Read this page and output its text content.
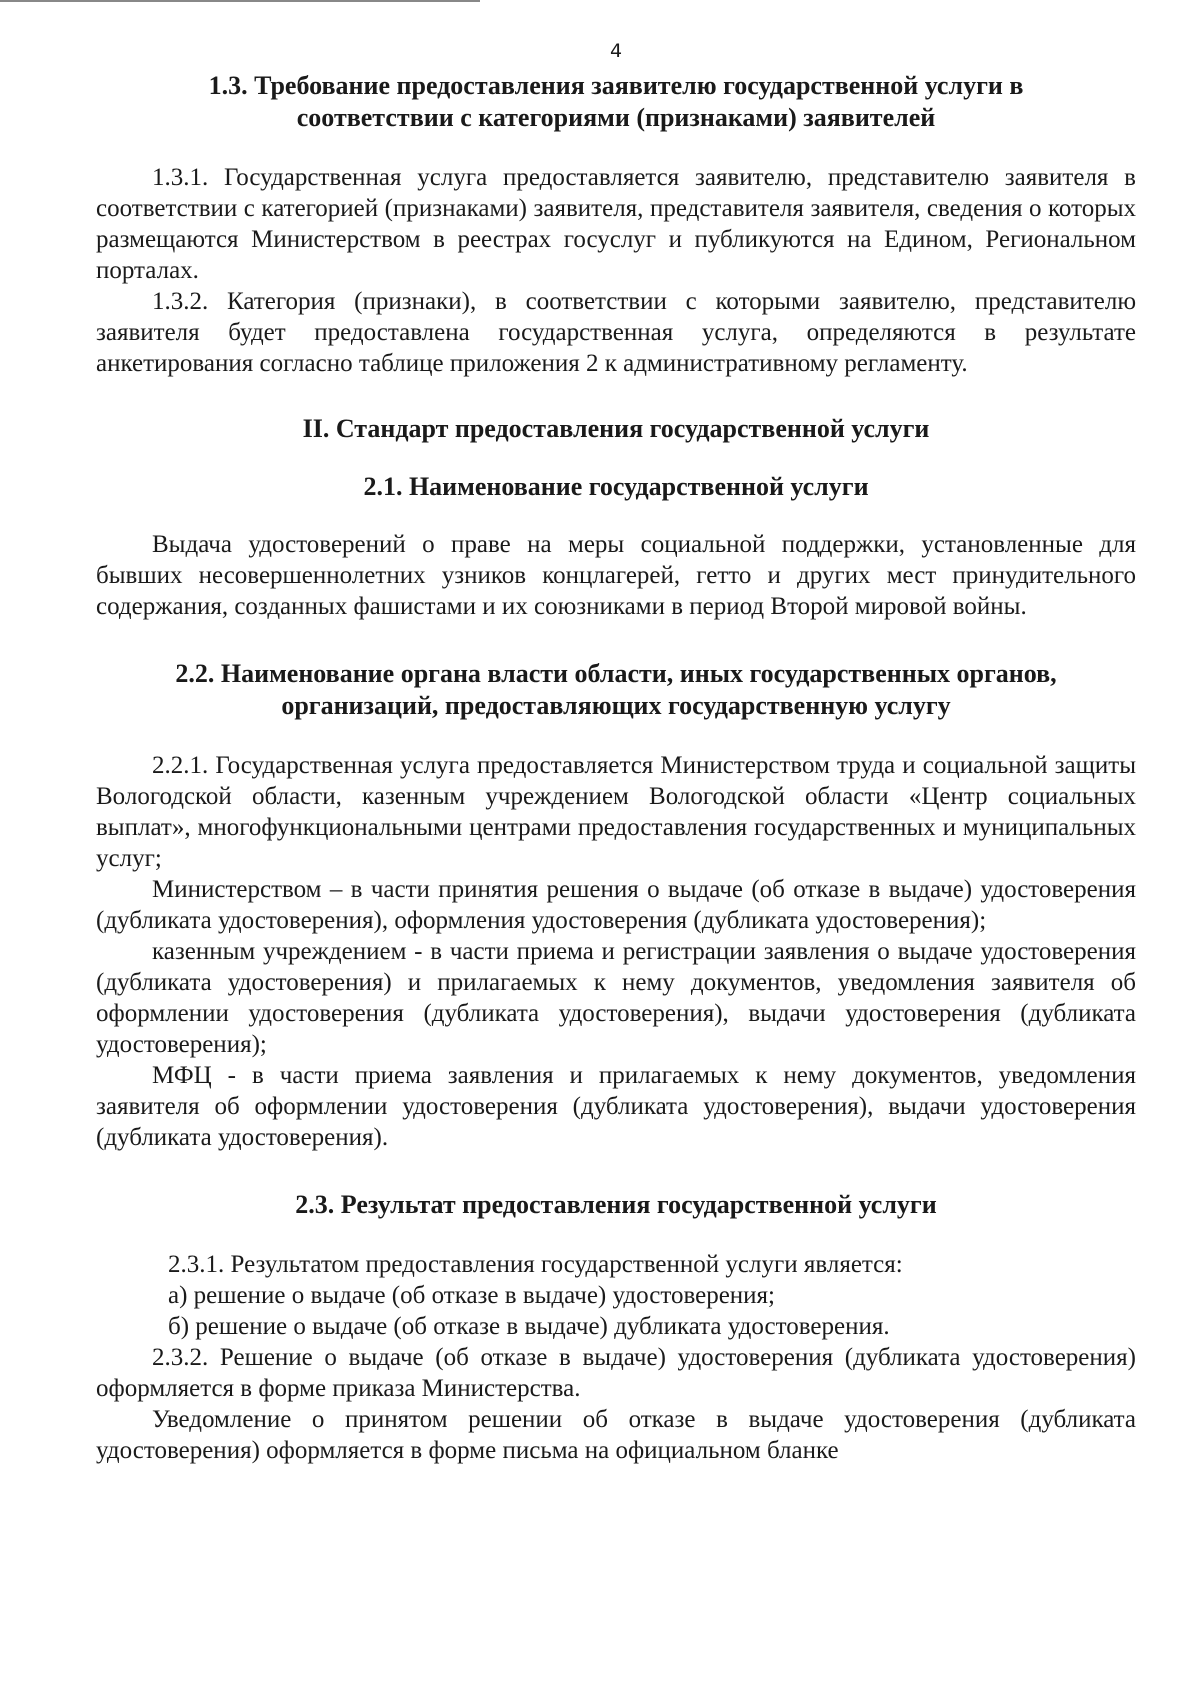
4
1.3. Требование предоставления заявителю государственной услуги в соответствии с категориями (признаками) заявителей

1.3.1. Государственная услуга предоставляется заявителю, представителю заявителя в соответствии с категорией (признаками) заявителя, представителя заявителя, сведения о которых размещаются Министерством в реестрах госуслуг и публикуются на Едином, Региональном порталах.

1.3.2. Категория (признаки), в соответствии с которыми заявителю, представителю заявителя будет предоставлена государственная услуга, определяются в результате анкетирования согласно таблице приложения 2 к административному регламенту.

II. Стандарт предоставления государственной услуги
2.1. Наименование государственной услуги

Выдача удостоверений о праве на меры социальной поддержки, установленные для бывших несовершеннолетних узников концлагерей, гетто и других мест принудительного содержания, созданных фашистами и их союзниками в период Второй мировой войны.

2.2. Наименование органа власти области, иных государственных органов, организаций, предоставляющих государственную услугу

2.2.1. Государственная услуга предоставляется Министерством труда и социальной защиты Вологодской области, казенным учреждением Вологодской области «Центр социальных выплат», многофункциональными центрами предоставления государственных и муниципальных услуг;

Министерством – в части принятия решения о выдаче (об отказе в выдаче) удостоверения (дубликата удостоверения), оформления удостоверения (дубликата удостоверения);

казенным учреждением - в части приема и регистрации заявления о выдаче удостоверения (дубликата удостоверения) и прилагаемых к нему документов, уведомления заявителя об оформлении удостоверения (дубликата удостоверения), выдачи удостоверения (дубликата удостоверения);

МФЦ - в части приема заявления и прилагаемых к нему документов, уведомления заявителя об оформлении удостоверения (дубликата удостоверения), выдачи удостоверения (дубликата удостоверения).

2.3. Результат предоставления государственной услуги

2.3.1. Результатом предоставления государственной услуги является:

а) решение о выдаче (об отказе в выдаче) удостоверения;

б) решение о выдаче (об отказе в выдаче) дубликата удостоверения.

2.3.2. Решение о выдаче (об отказе в выдаче) удостоверения (дубликата удостоверения) оформляется в форме приказа Министерства.

Уведомление о принятом решении об отказе в выдаче удостоверения (дубликата удостоверения) оформляется в форме письма на официальном бланке
